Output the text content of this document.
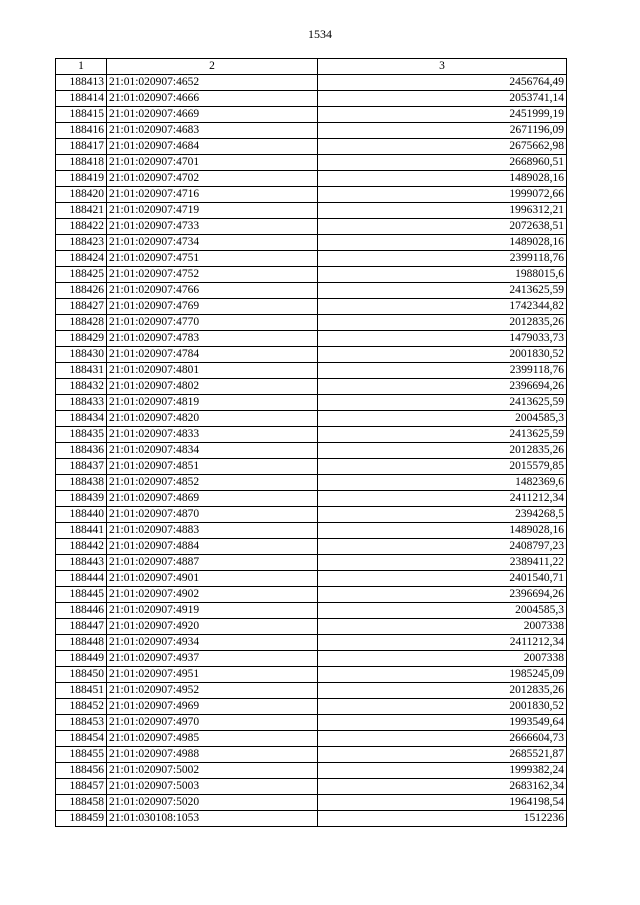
1534
1	2	3
188413	21:01:020907:4652	2456764,49
188414	21:01:020907:4666	2053741,14
188415	21:01:020907:4669	2451999,19
188416	21:01:020907:4683	2671196,09
188417	21:01:020907:4684	2675662,98
188418	21:01:020907:4701	2668960,51
188419	21:01:020907:4702	1489028,16
188420	21:01:020907:4716	1999072,66
188421	21:01:020907:4719	1996312,21
188422	21:01:020907:4733	2072638,51
188423	21:01:020907:4734	1489028,16
188424	21:01:020907:4751	2399118,76
188425	21:01:020907:4752	1988015,6
188426	21:01:020907:4766	2413625,59
188427	21:01:020907:4769	1742344,82
188428	21:01:020907:4770	2012835,26
188429	21:01:020907:4783	1479033,73
188430	21:01:020907:4784	2001830,52
188431	21:01:020907:4801	2399118,76
188432	21:01:020907:4802	2396694,26
188433	21:01:020907:4819	2413625,59
188434	21:01:020907:4820	2004585,3
188435	21:01:020907:4833	2413625,59
188436	21:01:020907:4834	2012835,26
188437	21:01:020907:4851	2015579,85
188438	21:01:020907:4852	1482369,6
188439	21:01:020907:4869	2411212,34
188440	21:01:020907:4870	2394268,5
188441	21:01:020907:4883	1489028,16
188442	21:01:020907:4884	2408797,23
188443	21:01:020907:4887	2389411,22
188444	21:01:020907:4901	2401540,71
188445	21:01:020907:4902	2396694,26
188446	21:01:020907:4919	2004585,3
188447	21:01:020907:4920	2007338
188448	21:01:020907:4934	2411212,34
188449	21:01:020907:4937	2007338
188450	21:01:020907:4951	1985245,09
188451	21:01:020907:4952	2012835,26
188452	21:01:020907:4969	2001830,52
188453	21:01:020907:4970	1993549,64
188454	21:01:020907:4985	2666604,73
188455	21:01:020907:4988	2685521,87
188456	21:01:020907:5002	1999382,24
188457	21:01:020907:5003	2683162,34
188458	21:01:020907:5020	1964198,54
188459	21:01:030108:1053	1512236
